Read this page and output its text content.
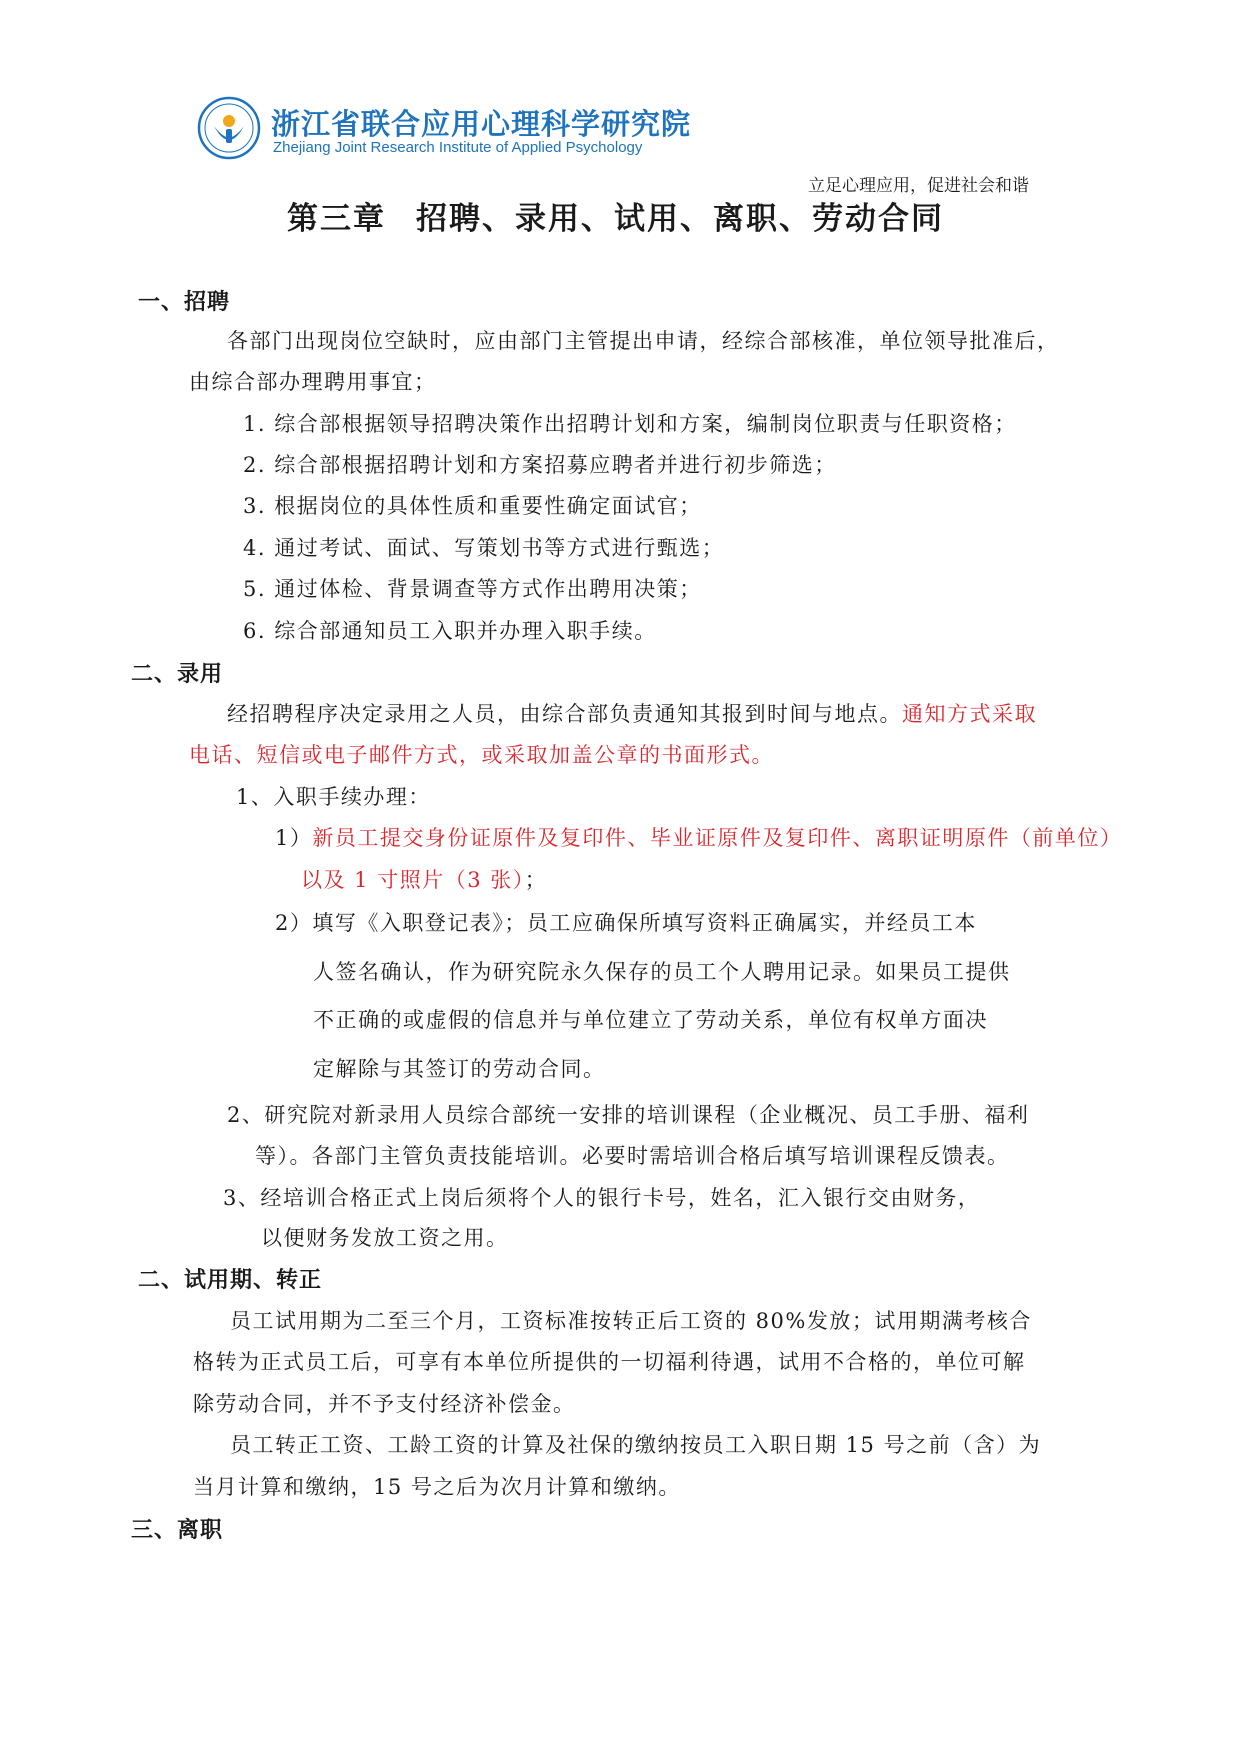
浙江省联合应用心理科学研究院
Zhejiang Joint Research Institute of Applied Psychology
立足心理应用，促进社会和谐
第三章 招聘、录用、试用、离职、劳动合同
一、招聘
各部门出现岗位空缺时，应由部门主管提出申请，经综合部核准，单位领导批准后，
由综合部办理聘用事宜；
1. 综合部根据领导招聘决策作出招聘计划和方案，编制岗位职责与任职资格；
2. 综合部根据招聘计划和方案招募应聘者并进行初步筛选；
3. 根据岗位的具体性质和重要性确定面试官；
4. 通过考试、面试、写策划书等方式进行甄选；
5. 通过体检、背景调查等方式作出聘用决策；
6. 综合部通知员工入职并办理入职手续。
二、录用
经招聘程序决定录用之人员，由综合部负责通知其报到时间与地点。通知方式采取
电话、短信或电子邮件方式，或采取加盖公章的书面形式。
1、入职手续办理：
1）新员工提交身份证原件及复印件、毕业证原件及复印件、离职证明原件（前单位）
以及 1 寸照片（3 张）；
2）填写《入职登记表》；员工应确保所填写资料正确属实，并经员工本
人签名确认，作为研究院永久保存的员工个人聘用记录。如果员工提供
不正确的或虚假的信息并与单位建立了劳动关系，单位有权单方面决
定解除与其签订的劳动合同。
2、研究院对新录用人员综合部统一安排的培训课程（企业概况、员工手册、福利
等）。各部门主管负责技能培训。必要时需培训合格后填写培训课程反馈表。
3、经培训合格正式上岗后须将个人的银行卡号，姓名，汇入银行交由财务，
以便财务发放工资之用。
二、试用期、转正
员工试用期为二至三个月，工资标准按转正后工资的 80%发放；试用期满考核合
格转为正式员工后，可享有本单位所提供的一切福利待遇，试用不合格的，单位可解
除劳动合同，并不予支付经济补偿金。
员工转正工资、工龄工资的计算及社保的缴纳按员工入职日期 15 号之前（含）为
当月计算和缴纳，15 号之后为次月计算和缴纳。
三、离职
